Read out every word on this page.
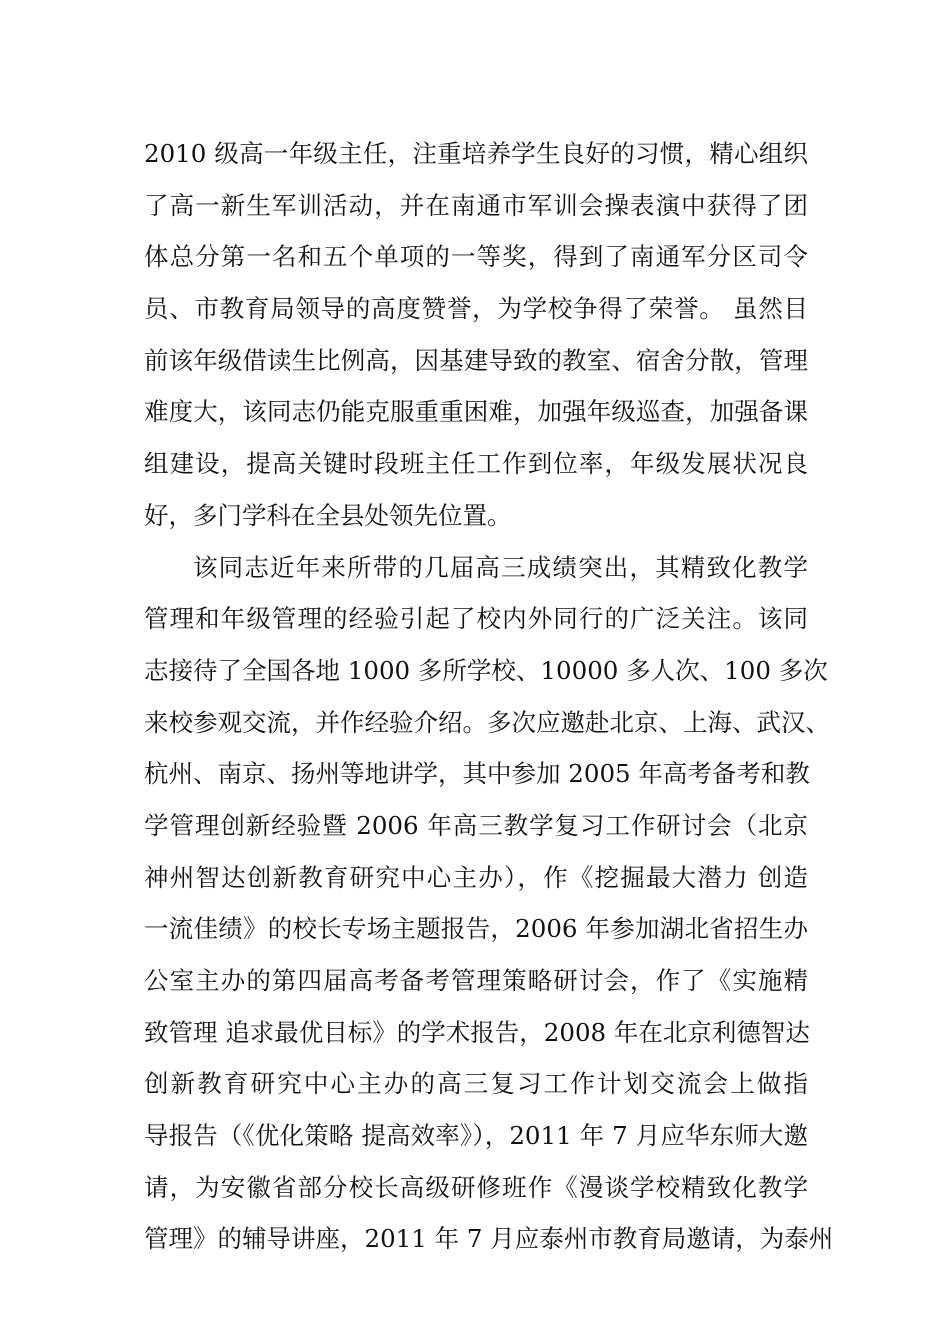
2010 级高一年级主任，注重培养学生良好的习惯，精心组织
了高一新生军训活动，并在南通市军训会操表演中获得了团
体总分第一名和五个单项的一等奖，得到了南通军分区司令
员、市教育局领导的高度赞誉，为学校争得了荣誉。 虽然目
前该年级借读生比例高，因基建导致的教室、宿舍分散，管理
难度大，该同志仍能克服重重困难，加强年级巡查，加强备课
组建设，提高关键时段班主任工作到位率，年级发展状况良
好，多门学科在全县处领先位置。
该同志近年来所带的几届高三成绩突出，其精致化教学
管理和年级管理的经验引起了校内外同行的广泛关注。该同
志接待了全国各地 1000 多所学校、10000 多人次、100 多次
来校参观交流，并作经验介绍。多次应邀赴北京、上海、武汉、
杭州、南京、扬州等地讲学，其中参加 2005 年高考备考和教
学管理创新经验暨 2006 年高三教学复习工作研讨会（北京
神州智达创新教育研究中心主办），作《挖掘最大潜力 创造
一流佳绩》的校长专场主题报告，2006 年参加湖北省招生办
公室主办的第四届高考备考管理策略研讨会，作了《实施精
致管理 追求最优目标》的学术报告，2008 年在北京利德智达
创新教育研究中心主办的高三复习工作计划交流会上做指
导报告（《优化策略 提高效率》），2011 年 7 月应华东师大邀
请，为安徽省部分校长高级研修班作《漫谈学校精致化教学
管理》的辅导讲座，2011 年 7 月应泰州市教育局邀请，为泰州
